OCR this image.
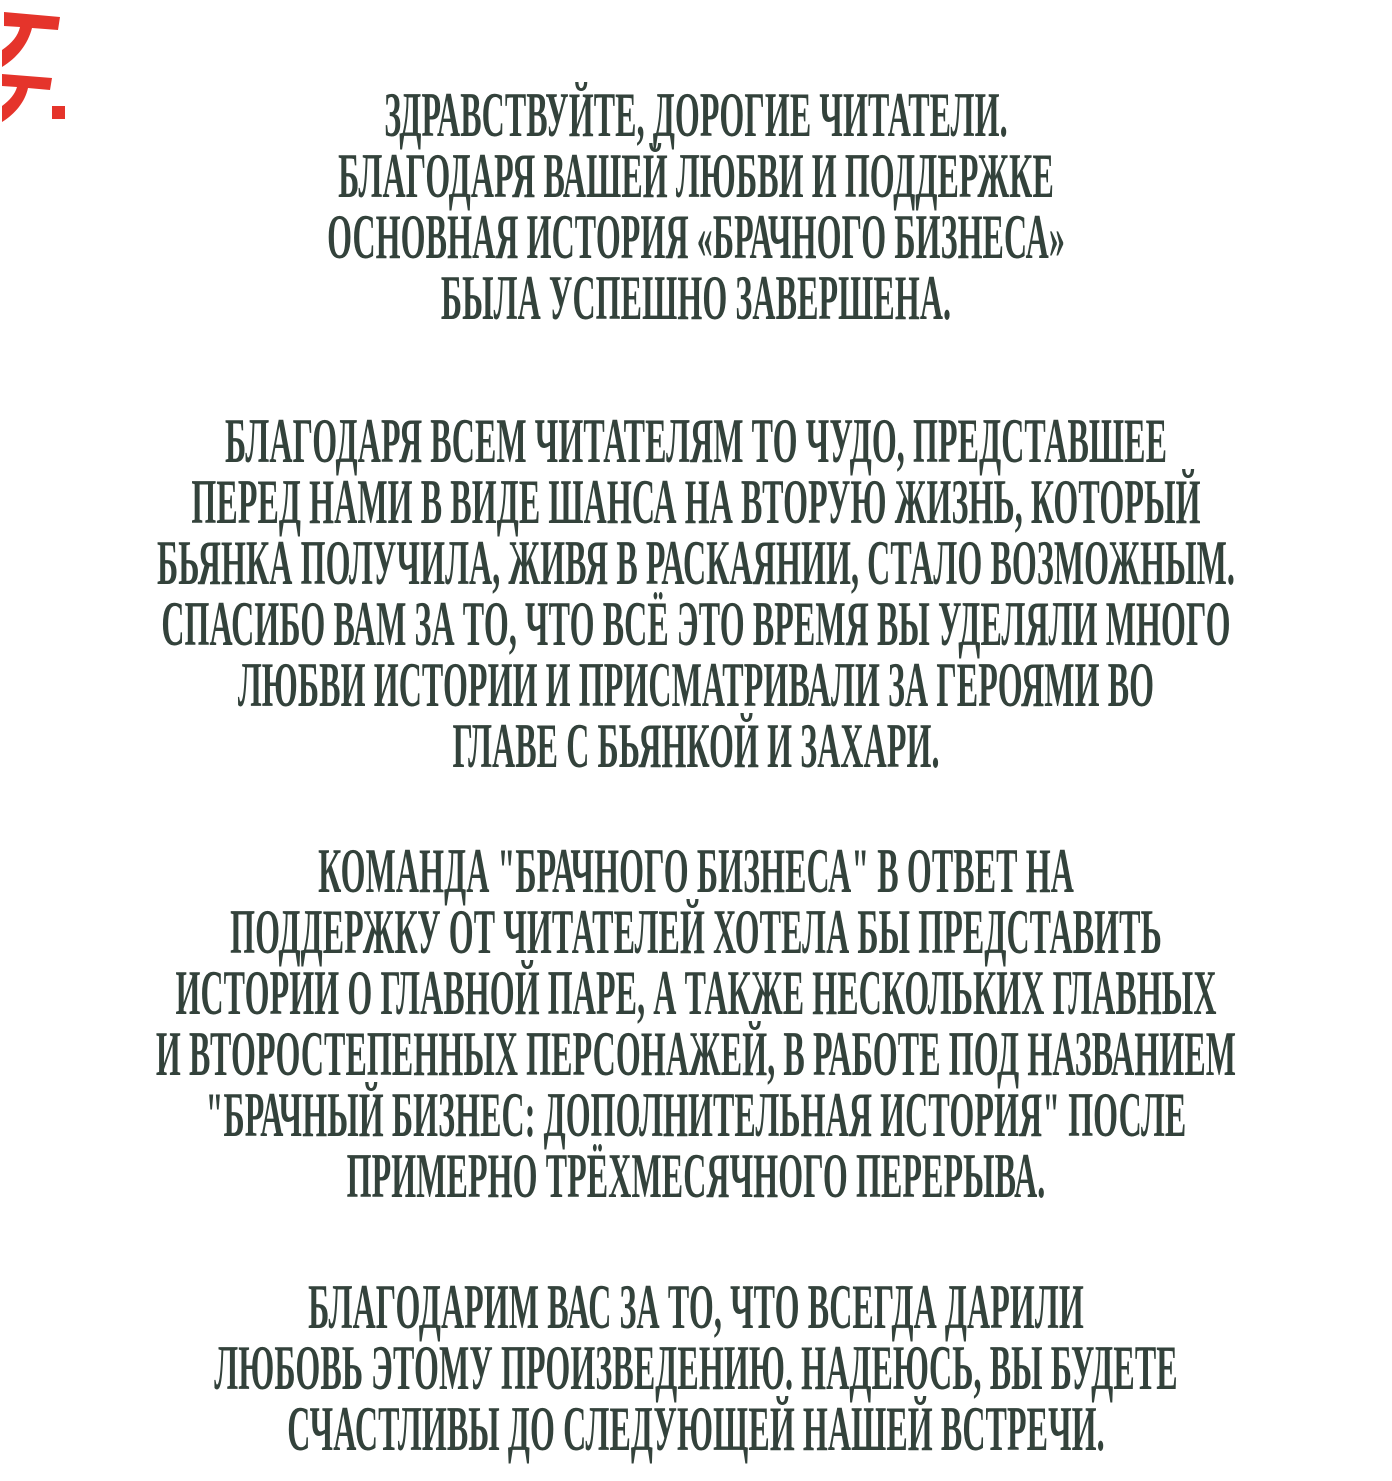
ЗДРАВСТВУЙТЕ, ДОРОГИЕ ЧИТАТЕЛИ.
БЛАГОДАРЯ ВАШЕЙ ЛЮБВИ И ПОДДЕРЖКЕ
ОСНОВНАЯ ИСТОРИЯ «БРАЧНОГО БИЗНЕСА»
БЫЛА УСПЕШНО ЗАВЕРШЕНА.
БЛАГОДАРЯ ВСЕМ ЧИТАТЕЛЯМ ТО ЧУДО, ПРЕДСТАВШЕЕ
ПЕРЕД НАМИ В ВИДЕ ШАНСА НА ВТОРУЮ ЖИЗНЬ, КОТОРЫЙ
БЬЯНКА ПОЛУЧИЛА, ЖИВЯ В РАСКАЯНИИ, СТАЛО ВОЗМОЖНЫМ.
СПАСИБО ВАМ ЗА ТО, ЧТО ВСЁ ЭТО ВРЕМЯ ВЫ УДЕЛЯЛИ МНОГО
ЛЮБВИ ИСТОРИИ И ПРИСМАТРИВАЛИ ЗА ГЕРОЯМИ ВО
ГЛАВЕ С БЬЯНКОЙ И ЗАХАРИ.
КОМАНДА "БРАЧНОГО БИЗНЕСА" В ОТВЕТ НА
ПОДДЕРЖКУ ОТ ЧИТАТЕЛЕЙ ХОТЕЛА БЫ ПРЕДСТАВИТЬ
ИСТОРИИ О ГЛАВНОЙ ПАРЕ, А ТАКЖЕ НЕСКОЛЬКИХ ГЛАВНЫХ
И ВТОРОСТЕПЕННЫХ ПЕРСОНАЖЕЙ, В РАБОТЕ ПОД НАЗВАНИЕМ
"БРАЧНЫЙ БИЗНЕС: ДОПОЛНИТЕЛЬНАЯ ИСТОРИЯ" ПОСЛЕ
ПРИМЕРНО ТРЁХМЕСЯЧНОГО ПЕРЕРЫВА.
БЛАГОДАРИМ ВАС ЗА ТО, ЧТО ВСЕГДА ДАРИЛИ
ЛЮБОВЬ ЭТОМУ ПРОИЗВЕДЕНИЮ. НАДЕЮСЬ, ВЫ БУДЕТЕ
СЧАСТЛИВЫ ДО СЛЕДУЮЩЕЙ НАШЕЙ ВСТРЕЧИ.
